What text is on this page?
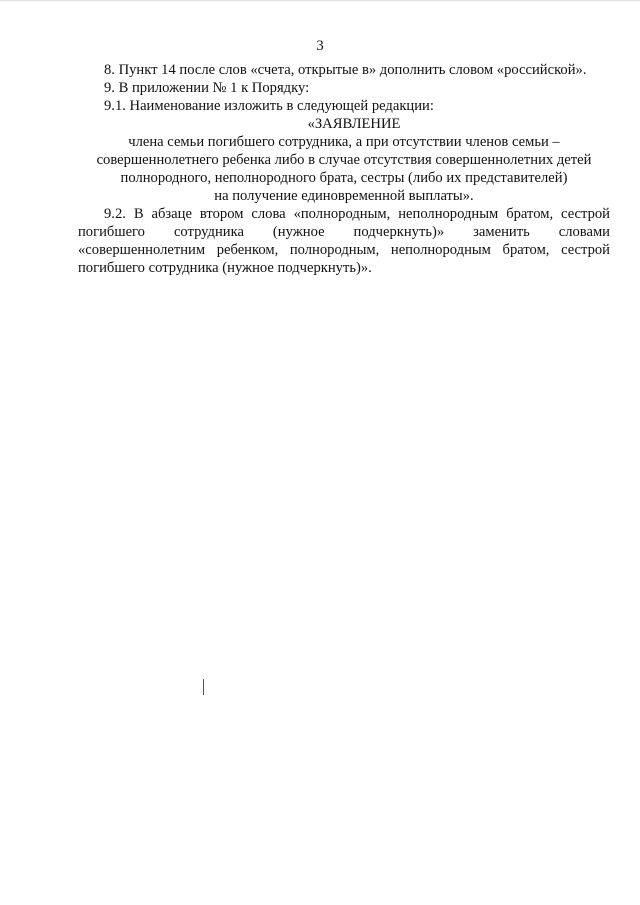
3

8. Пункт 14 после слов «счета, открытые в» дополнить словом «российской».

9. В приложении № 1 к Порядку:

9.1. Наименование изложить в следующей редакции:

«ЗАЯВЛЕНИЕ

члена семьи погибшего сотрудника, а при отсутствии членов семьи –
совершеннолетнего ребенка либо в случае отсутствия совершеннолетних детей
полнородного, неполнородного брата, сестры (либо их представителей)
на получение единовременной выплаты».

9.2. В абзаце втором слова «полнородным, неполнородным братом, сестрой погибшего сотрудника (нужное подчеркнуть)» заменить словами «совершеннолетним ребенком, полнородным, неполнородным братом, сестрой погибшего сотрудника (нужное подчеркнуть)».
